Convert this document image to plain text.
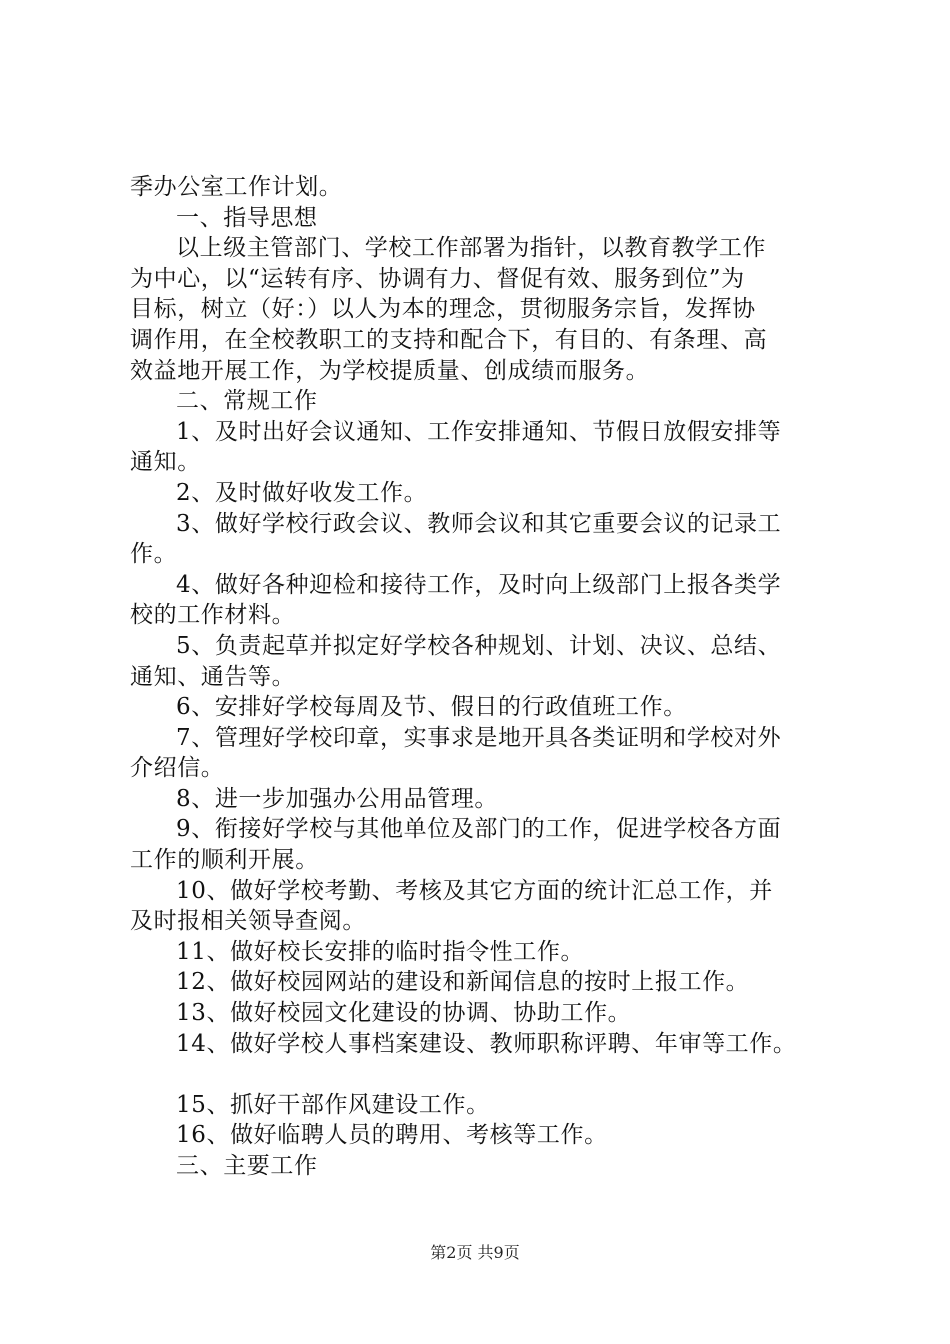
季办公室工作计划。
一、指导思想
以上级主管部门、学校工作部署为指针，以教育教学工作
为中心，以“运转有序、协调有力、督促有效、服务到位”为
目标，树立（好：）以人为本的理念，贯彻服务宗旨，发挥协
调作用，在全校教职工的支持和配合下，有目的、有条理、高
效益地开展工作，为学校提质量、创成绩而服务。
二、常规工作
1、及时出好会议通知、工作安排通知、节假日放假安排等
通知。
2、及时做好收发工作。
3、做好学校行政会议、教师会议和其它重要会议的记录工
作。
4、做好各种迎检和接待工作，及时向上级部门上报各类学
校的工作材料。
5、负责起草并拟定好学校各种规划、计划、决议、总结、
通知、通告等。
6、安排好学校每周及节、假日的行政值班工作。
7、管理好学校印章，实事求是地开具各类证明和学校对外
介绍信。
8、进一步加强办公用品管理。
9、衔接好学校与其他单位及部门的工作，促进学校各方面
工作的顺利开展。
10、做好学校考勤、考核及其它方面的统计汇总工作，并
及时报相关领导查阅。
11、做好校长安排的临时指令性工作。
12、做好校园网站的建设和新闻信息的按时上报工作。
13、做好校园文化建设的协调、协助工作。
14、做好学校人事档案建设、教师职称评聘、年审等工作。
15、抓好干部作风建设工作。
16、做好临聘人员的聘用、考核等工作。
三、主要工作
第2页 共9页
